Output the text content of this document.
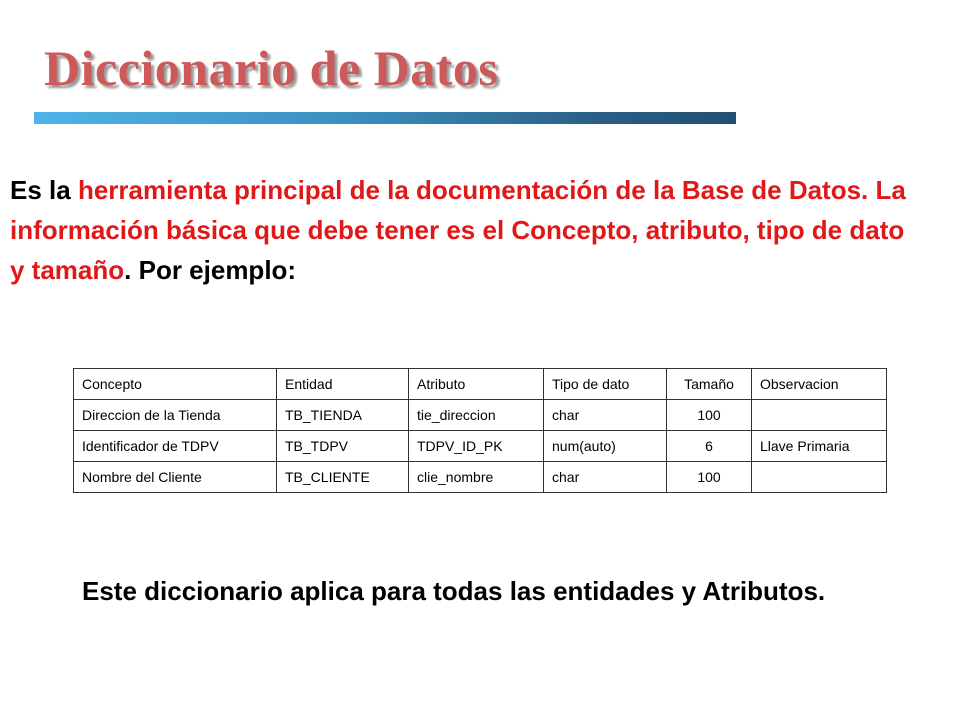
Diccionario de Datos

Es la herramienta principal de la documentación de la Base de Datos. La información básica que debe tener es el Concepto, atributo, tipo de dato y tamaño. Por ejemplo:

Concepto	Entidad	Atributo	Tipo de dato	Tamaño	Observacion
Direccion de la Tienda	TB_TIENDA	tie_direccion	char	100	
Identificador de TDPV	TB_TDPV	TDPV_ID_PK	num(auto)	6	Llave Primaria
Nombre del Cliente	TB_CLIENTE	clie_nombre	char	100	

Este diccionario aplica para todas las entidades y Atributos.
